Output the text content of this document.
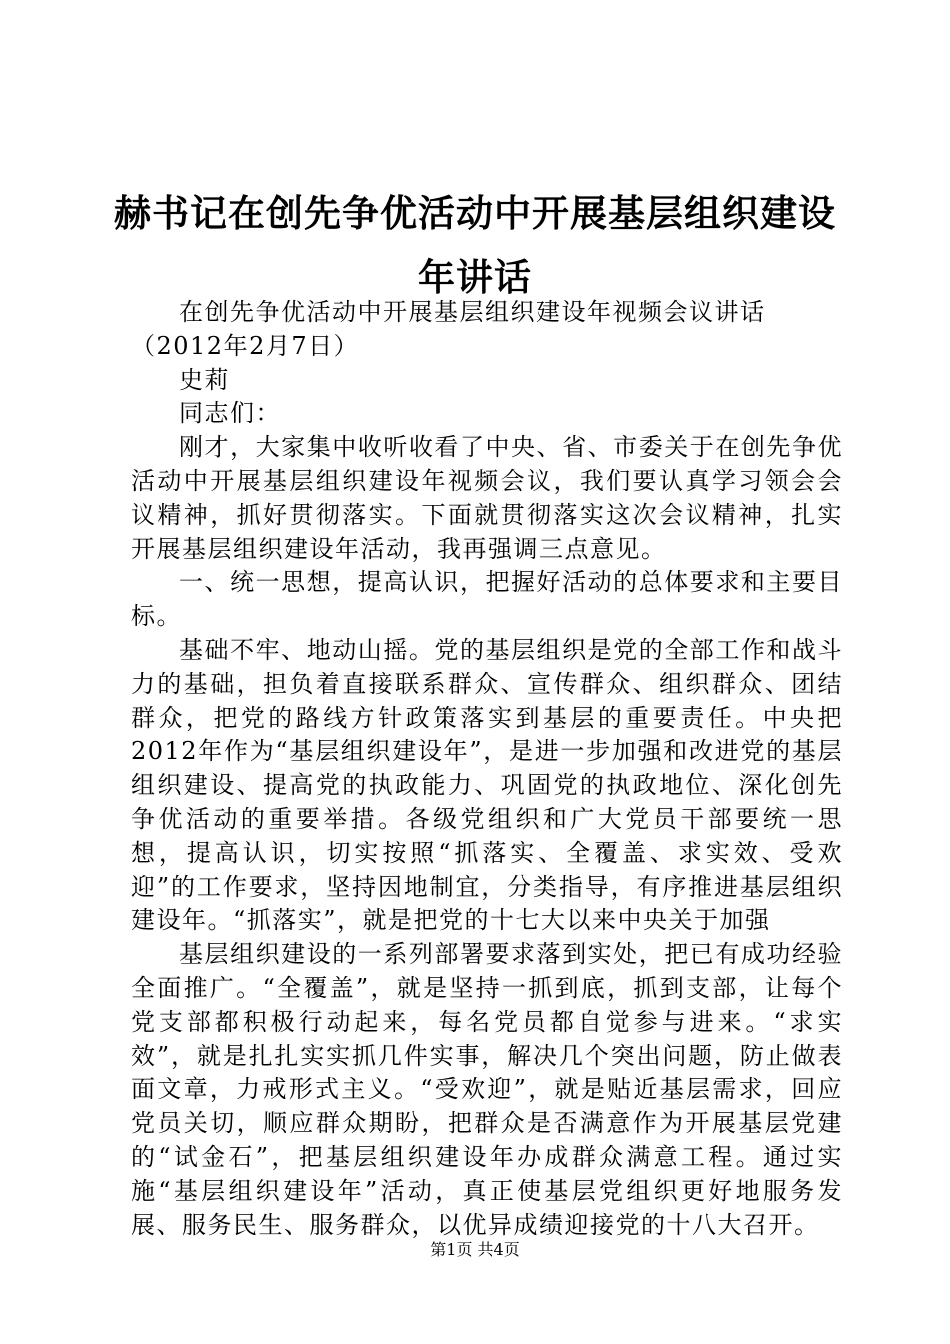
赫书记在创先争优活动中开展基层组织建设年讲话

在创先争优活动中开展基层组织建设年视频会议讲话

（2012年2月7日）

史莉

同志们：

刚才，大家集中收听收看了中央、省、市委关于在创先争优活动中开展基层组织建设年视频会议，我们要认真学习领会会议精神，抓好贯彻落实。下面就贯彻落实这次会议精神，扎实开展基层组织建设年活动，我再强调三点意见。

一、统一思想，提高认识，把握好活动的总体要求和主要目标。

基础不牢、地动山摇。党的基层组织是党的全部工作和战斗力的基础，担负着直接联系群众、宣传群众、组织群众、团结群众，把党的路线方针政策落实到基层的重要责任。中央把2012年作为“基层组织建设年”，是进一步加强和改进党的基层组织建设、提高党的执政能力、巩固党的执政地位、深化创先争优活动的重要举措。各级党组织和广大党员干部要统一思想，提高认识，切实按照“抓落实、全覆盖、求实效、受欢迎”的工作要求，坚持因地制宜，分类指导，有序推进基层组织建设年。“抓落实”，就是把党的十七大以来中央关于加强

基层组织建设的一系列部署要求落到实处，把已有成功经验全面推广。“全覆盖”，就是坚持一抓到底，抓到支部，让每个党支部都积极行动起来，每名党员都自觉参与进来。“求实效”，就是扎扎实实抓几件实事，解决几个突出问题，防止做表面文章，力戒形式主义。“受欢迎”，就是贴近基层需求，回应党员关切，顺应群众期盼，把群众是否满意作为开展基层党建的“试金石”，把基层组织建设年办成群众满意工程。通过实施“基层组织建设年”活动，真正使基层党组织更好地服务发展、服务民生、服务群众，以优异成绩迎接党的十八大召开。

第1页 共4页
